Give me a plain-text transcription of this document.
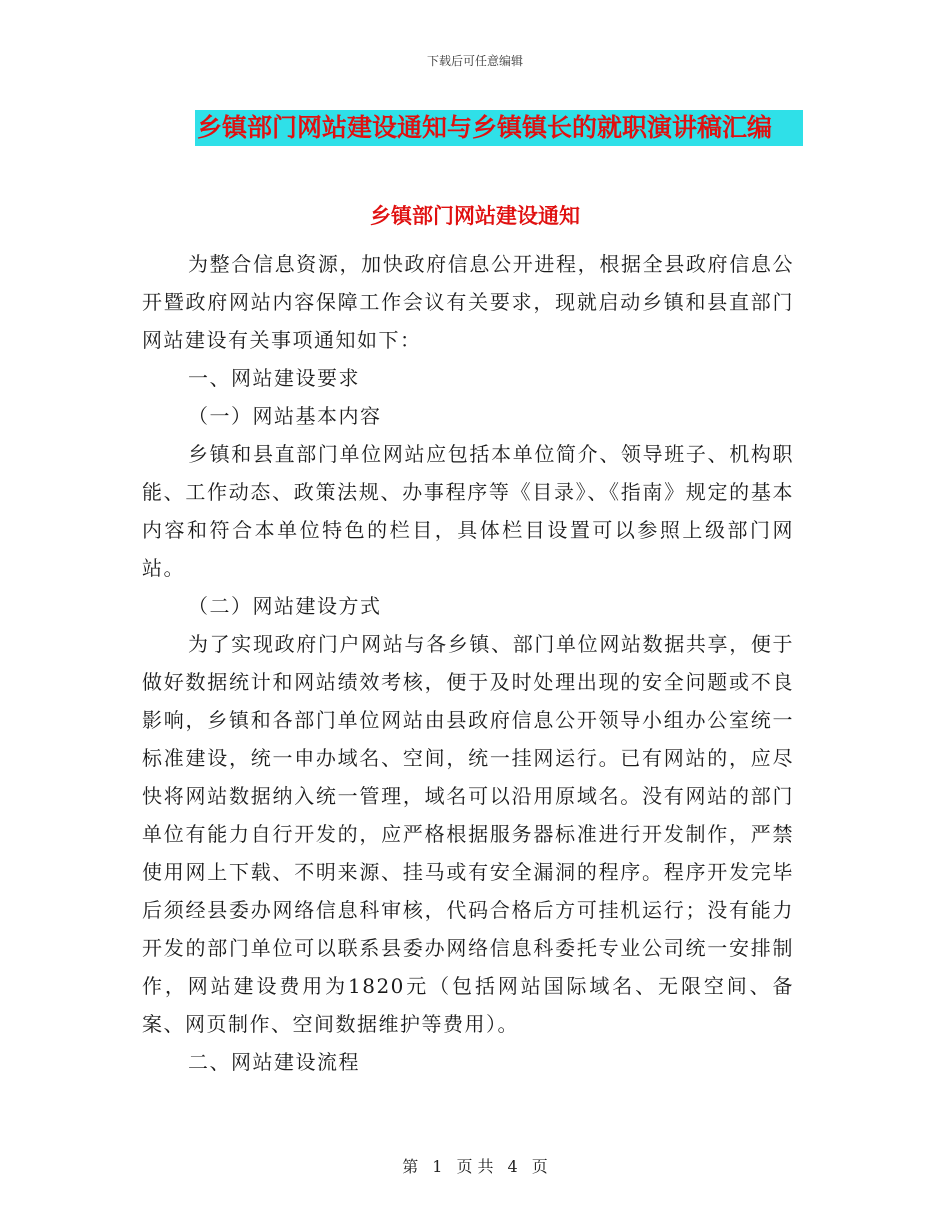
下载后可任意编辑
乡镇部门网站建设通知与乡镇镇长的就职演讲稿汇编
乡镇部门网站建设通知

为整合信息资源，加快政府信息公开进程，根据全县政府信息公开暨政府网站内容保障工作会议有关要求，现就启动乡镇和县直部门网站建设有关事项通知如下：

一、网站建设要求

（一）网站基本内容

乡镇和县直部门单位网站应包括本单位简介、领导班子、机构职能、工作动态、政策法规、办事程序等《目录》、《指南》规定的基本内容和符合本单位特色的栏目，具体栏目设置可以参照上级部门网站。

（二）网站建设方式

为了实现政府门户网站与各乡镇、部门单位网站数据共享，便于做好数据统计和网站绩效考核，便于及时处理出现的安全问题或不良影响，乡镇和各部门单位网站由县政府信息公开领导小组办公室统一标准建设，统一申办域名、空间，统一挂网运行。已有网站的，应尽快将网站数据纳入统一管理，域名可以沿用原域名。没有网站的部门单位有能力自行开发的，应严格根据服务器标准进行开发制作，严禁使用网上下载、不明来源、挂马或有安全漏洞的程序。程序开发完毕后须经县委办网络信息科审核，代码合格后方可挂机运行；没有能力开发的部门单位可以联系县委办网络信息科委托专业公司统一安排制作，网站建设费用为1820元（包括网站国际域名、无限空间、备案、网页制作、空间数据维护等费用）。

二、网站建设流程

第 1 页 共 4 页
